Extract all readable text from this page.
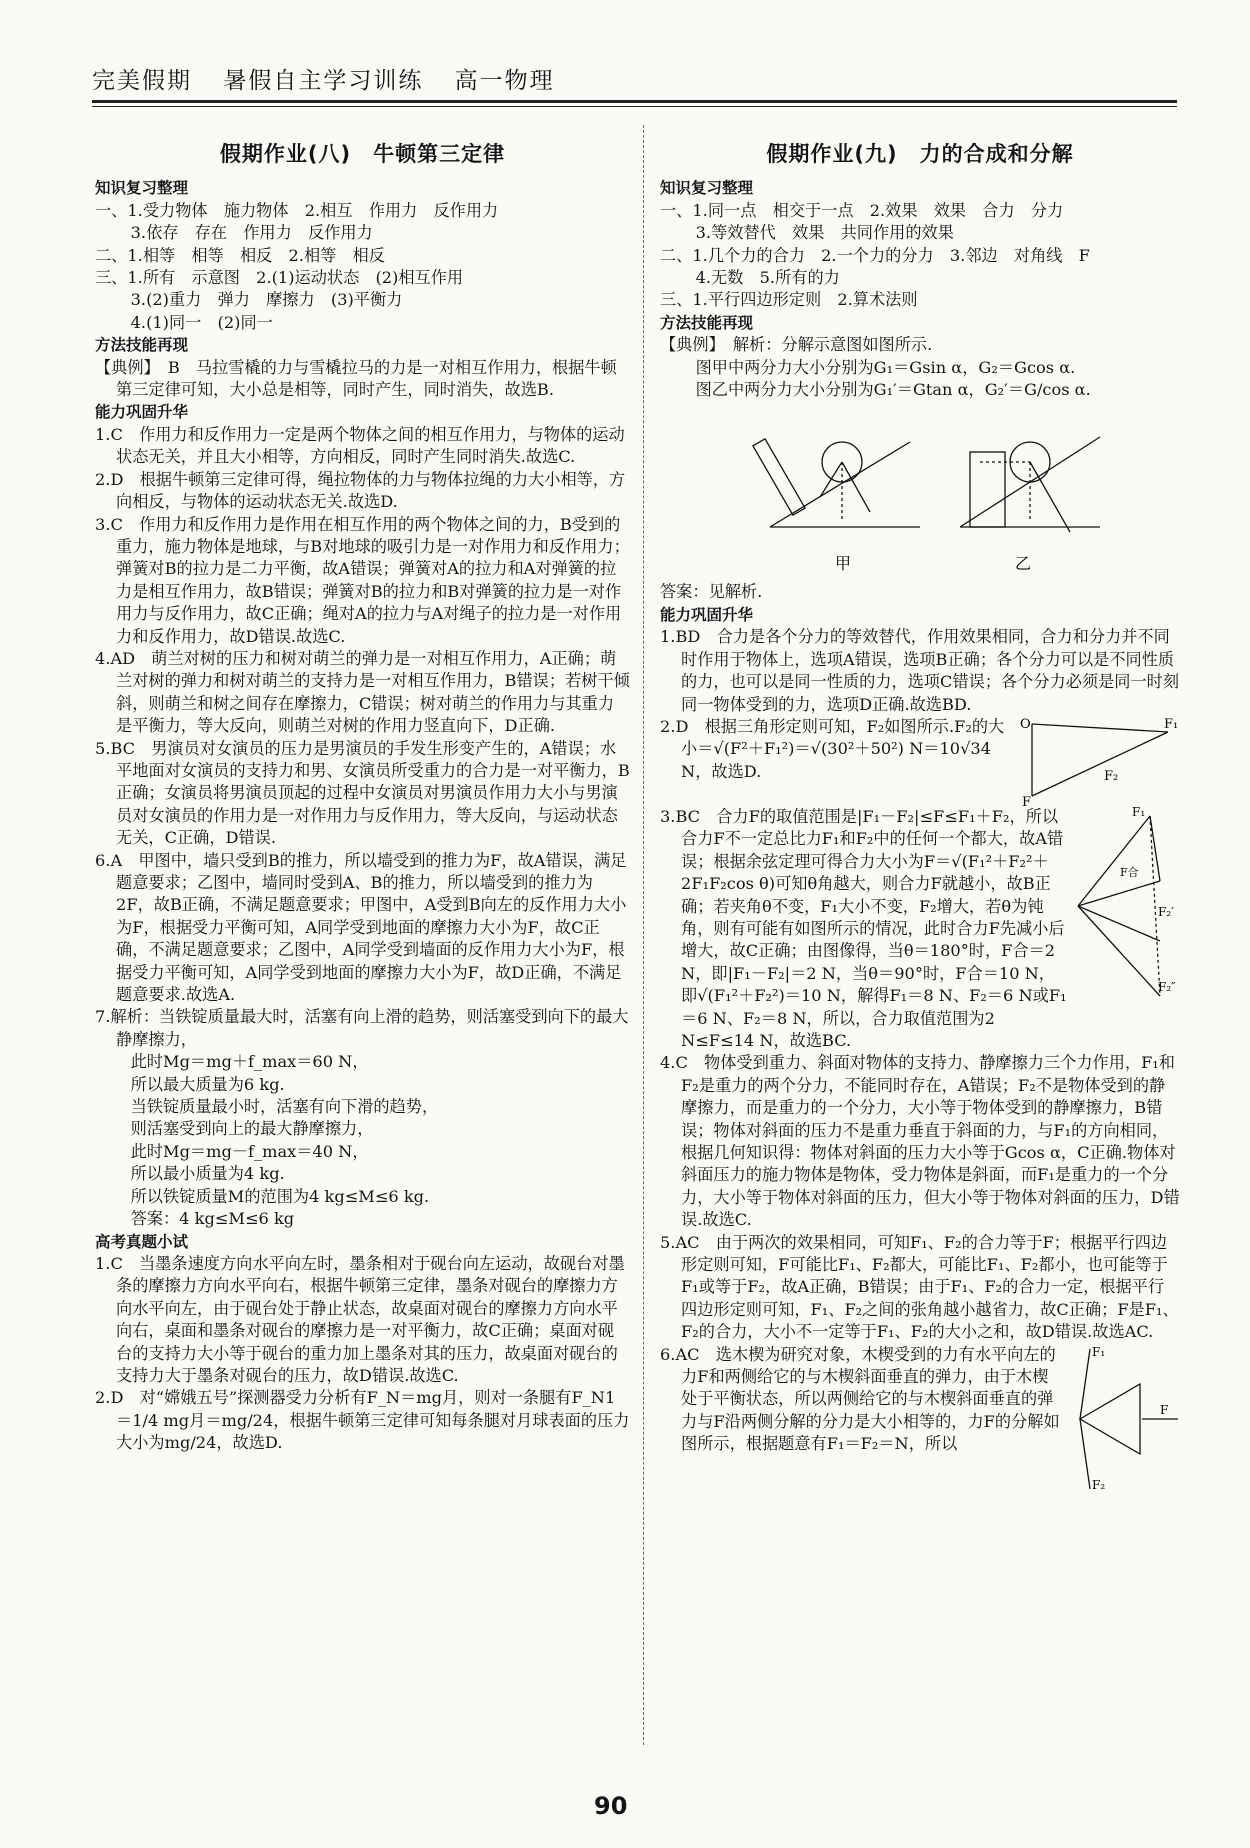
完美假期 暑假自主学习训练 高一物理
假期作业(八)　牛顿第三定律
知识复习整理

一、1.受力物体　施力物体　2.相互　作用力　反作用力

3.依存　存在　作用力　反作用力

二、1.相等　相等　相反　2.相等　相反

三、1.所有　示意图　2.(1)运动状态　(2)相互作用

3.(2)重力　弹力　摩擦力　(3)平衡力

4.(1)同一　(2)同一

方法技能再现

【典例】　B　马拉雪橇的力与雪橇拉马的力是一对相互作用力，根据牛顿第三定律可知，大小总是相等，同时产生，同时消失，故选B.

能力巩固升华

1.C　作用力和反作用力一定是两个物体之间的相互作用力，与物体的运动状态无关，并且大小相等，方向相反，同时产生同时消失.故选C.

2.D　根据牛顿第三定律可得，绳拉物体的力与物体拉绳的力大小相等，方向相反，与物体的运动状态无关.故选D.

3.C　作用力和反作用力是作用在相互作用的两个物体之间的力，B受到的重力，施力物体是地球，与B对地球的吸引力是一对作用力和反作用力；弹簧对B的拉力是二力平衡，故A错误；弹簧对A的拉力和A对弹簧的拉力是相互作用力，故B错误；弹簧对B的拉力和B对弹簧的拉力是一对作用力与反作用力，故C正确；绳对A的拉力与A对绳子的拉力是一对作用力和反作用力，故D错误.故选C.

4.AD　萌兰对树的压力和树对萌兰的弹力是一对相互作用力，A正确；萌兰对树的弹力和树对萌兰的支持力是一对相互作用力，B错误；若树干倾斜，则萌兰和树之间存在摩擦力，C错误；树对萌兰的作用力与其重力是平衡力，等大反向，则萌兰对树的作用力竖直向下，D正确.

5.BC　男演员对女演员的压力是男演员的手发生形变产生的，A错误；水平地面对女演员的支持力和男、女演员所受重力的合力是一对平衡力，B正确；女演员将男演员顶起的过程中女演员对男演员作用力大小与男演员对女演员的作用力是一对作用力与反作用力，等大反向，与运动状态无关，C正确，D错误.

6.A　甲图中，墙只受到B的推力，所以墙受到的推力为F，故A错误，满足题意要求；乙图中，墙同时受到A、B的推力，所以墙受到的推力为2F，故B正确，不满足题意要求；甲图中，A受到B向左的反作用力大小为F，根据受力平衡可知，A同学受到地面的摩擦力大小为F，故C正确，不满足题意要求；乙图中，A同学受到墙面的反作用力大小为F，根据受力平衡可知，A同学受到地面的摩擦力大小为F，故D正确，不满足题意要求.故选A.

7.解析：当铁锭质量最大时，活塞有向上滑的趋势，则活塞受到向下的最大静摩擦力，

此时Mg＝mg＋f_max＝60 N，

所以最大质量为6 kg.

当铁锭质量最小时，活塞有向下滑的趋势，

则活塞受到向上的最大静摩擦力，

此时Mg＝mg－f_max＝40 N，

所以最小质量为4 kg.

所以铁锭质量M的范围为4 kg≤M≤6 kg.

答案：4 kg≤M≤6 kg

高考真题小试

1.C　当墨条速度方向水平向左时，墨条相对于砚台向左运动，故砚台对墨条的摩擦力方向水平向右，根据牛顿第三定律，墨条对砚台的摩擦力方向水平向左，由于砚台处于静止状态，故桌面对砚台的摩擦力方向水平向右，桌面和墨条对砚台的摩擦力是一对平衡力，故C正确；桌面对砚台的支持力大小等于砚台的重力加上墨条对其的压力，故桌面对砚台的支持力大于墨条对砚台的压力，故D错误.故选C.

2.D　对“嫦娥五号”探测器受力分析有F_N＝mg月，则对一条腿有F_N1＝1/4 mg月＝mg/24，根据牛顿第三定律可知每条腿对月球表面的压力大小为mg/24，故选D.

假期作业(九)　力的合成和分解
知识复习整理

一、1.同一点　相交于一点　2.效果　效果　合力　分力

3.等效替代　效果　共同作用的效果

二、1.几个力的合力　2.一个力的分力　3.邻边　对角线　F

4.无数　5.所有的力

三、1.平行四边形定则　2.算术法则

方法技能再现

【典例】　解析：分解示意图如图所示.

图甲中两分力大小分别为G₁＝Gsin α，G₂＝Gcos α.

图乙中两分力大小分别为G₁′＝Gtan α，G₂′＝G/cos α.

甲	乙

答案：见解析.

能力巩固升华

1.BD　合力是各个分力的等效替代，作用效果相同，合力和分力并不同时作用于物体上，选项A错误，选项B正确；各个分力可以是不同性质的力，也可以是同一性质的力，选项C错误；各个分力必须是同一时刻同一物体受到的力，选项D正确.故选BD.

2.D　根据三角形定则可知，F₂如图所示.F₂的大小＝√(F²＋F₁²)＝√(30²＋50²) N＝10√34 N，故选D.

O	F₁
F₂
F

3.BC　合力F的取值范围是|F₁－F₂|≤F≤F₁＋F₂，所以合力F不一定总比力F₁和F₂中的任何一个都大，故A错误；根据余弦定理可得合力大小为F＝√(F₁²＋F₂²＋2F₁F₂cos θ)可知θ角越大，则合力F就越小，故B正确；若夹角θ不变，F₁大小不变，F₂增大，若θ为钝角，则有可能有如图所示的情况，此时合力F先减小后增大，故C正确；由图像得，当θ＝180°时，F合＝2 N，即|F₁－F₂|＝2 N，当θ＝90°时，F合＝10 N，即√(F₁²＋F₂²)＝10 N，解得F₁＝8 N、F₂＝6 N或F₁＝6 N、F₂＝8 N，所以，合力取值范围为2 N≤F≤14 N，故选BC.

F₁
F合
F₂′
F₂″

4.C　物体受到重力、斜面对物体的支持力、静摩擦力三个力作用，F₁和F₂是重力的两个分力，不能同时存在，A错误；F₂不是物体受到的静摩擦力，而是重力的一个分力，大小等于物体受到的静摩擦力，B错误；物体对斜面的压力不是重力垂直于斜面的力，与F₁的方向相同，根据几何知识得：物体对斜面的压力大小等于Gcos α，C正确.物体对斜面压力的施力物体是物体，受力物体是斜面，而F₁是重力的一个分力，大小等于物体对斜面的压力，但大小等于物体对斜面的压力，D错误.故选C.

5.AC　由于两次的效果相同，可知F₁、F₂的合力等于F；根据平行四边形定则可知，F可能比F₁、F₂都大，可能比F₁、F₂都小，也可能等于F₁或等于F₂，故A正确，B错误；由于F₁、F₂的合力一定，根据平行四边形定则可知，F₁、F₂之间的张角越小越省力，故C正确；F是F₁、F₂的合力，大小不一定等于F₁、F₂的大小之和，故D错误.故选AC.

6.AC　选木楔为研究对象，木楔受到的力有水平向左的力F和两侧给它的与木楔斜面垂直的弹力，由于木楔处于平衡状态，所以两侧给它的与木楔斜面垂直的弹力与F沿两侧分解的分力是大小相等的，力F的分解如图所示，根据题意有F₁＝F₂＝N，所以

F₁
F₂
F
90
